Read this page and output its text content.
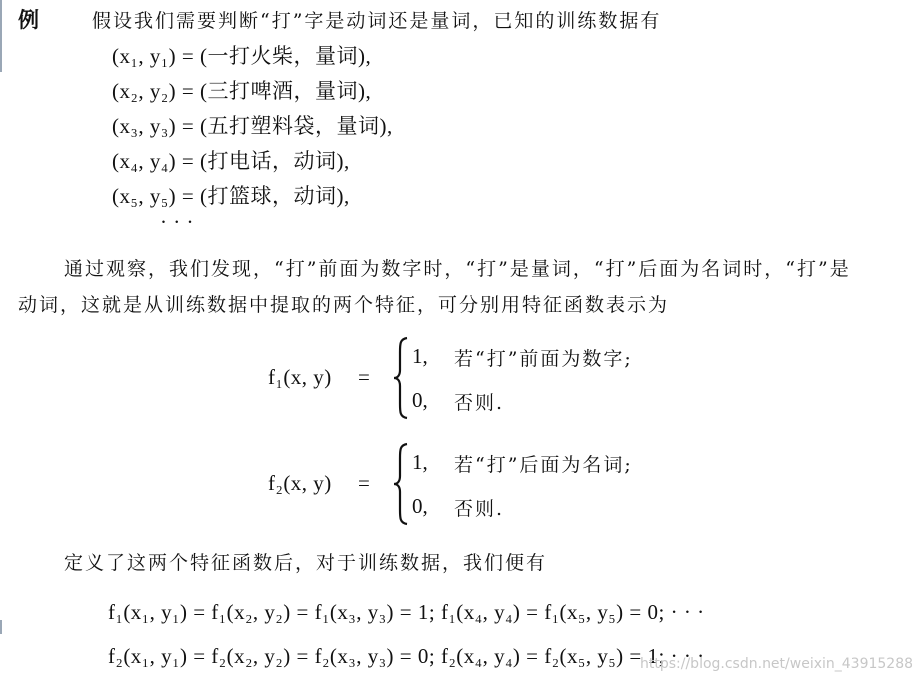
例	假设我们需要判断“打”字是动词还是量词，已知的训练数据有
(x₁, y₁) = (一打火柴，量词),
(x₂, y₂) = (三打啤酒，量词),
(x₃, y₃) = (五打塑料袋，量词),
(x₄, y₄) = (打电话，动词),
(x₅, y₅) = (打篮球，动词),
· · ·
通过观察，我们发现，“打”前面为数字时，“打”是量词，“打”后面为名词时，“打”是
动词，这就是从训练数据中提取的两个特征，可分别用特征函数表示为
f₁(x, y) =
1, 若“打”前面为数字;
0, 否则.
f₂(x, y) =
1, 若“打”后面为名词;
0, 否则.
定义了这两个特征函数后，对于训练数据，我们便有
f₁(x₁, y₁) = f₁(x₂, y₂) = f₁(x₃, y₃) = 1; f₁(x₄, y₄) = f₁(x₅, y₅) = 0; · · ·
f₂(x₁, y₁) = f₂(x₂, y₂) = f₂(x₃, y₃) = 0; f₂(x₄, y₄) = f₂(x₅, y₅) = 1; · · ·
https://blog.csdn.net/weixin_43915288
